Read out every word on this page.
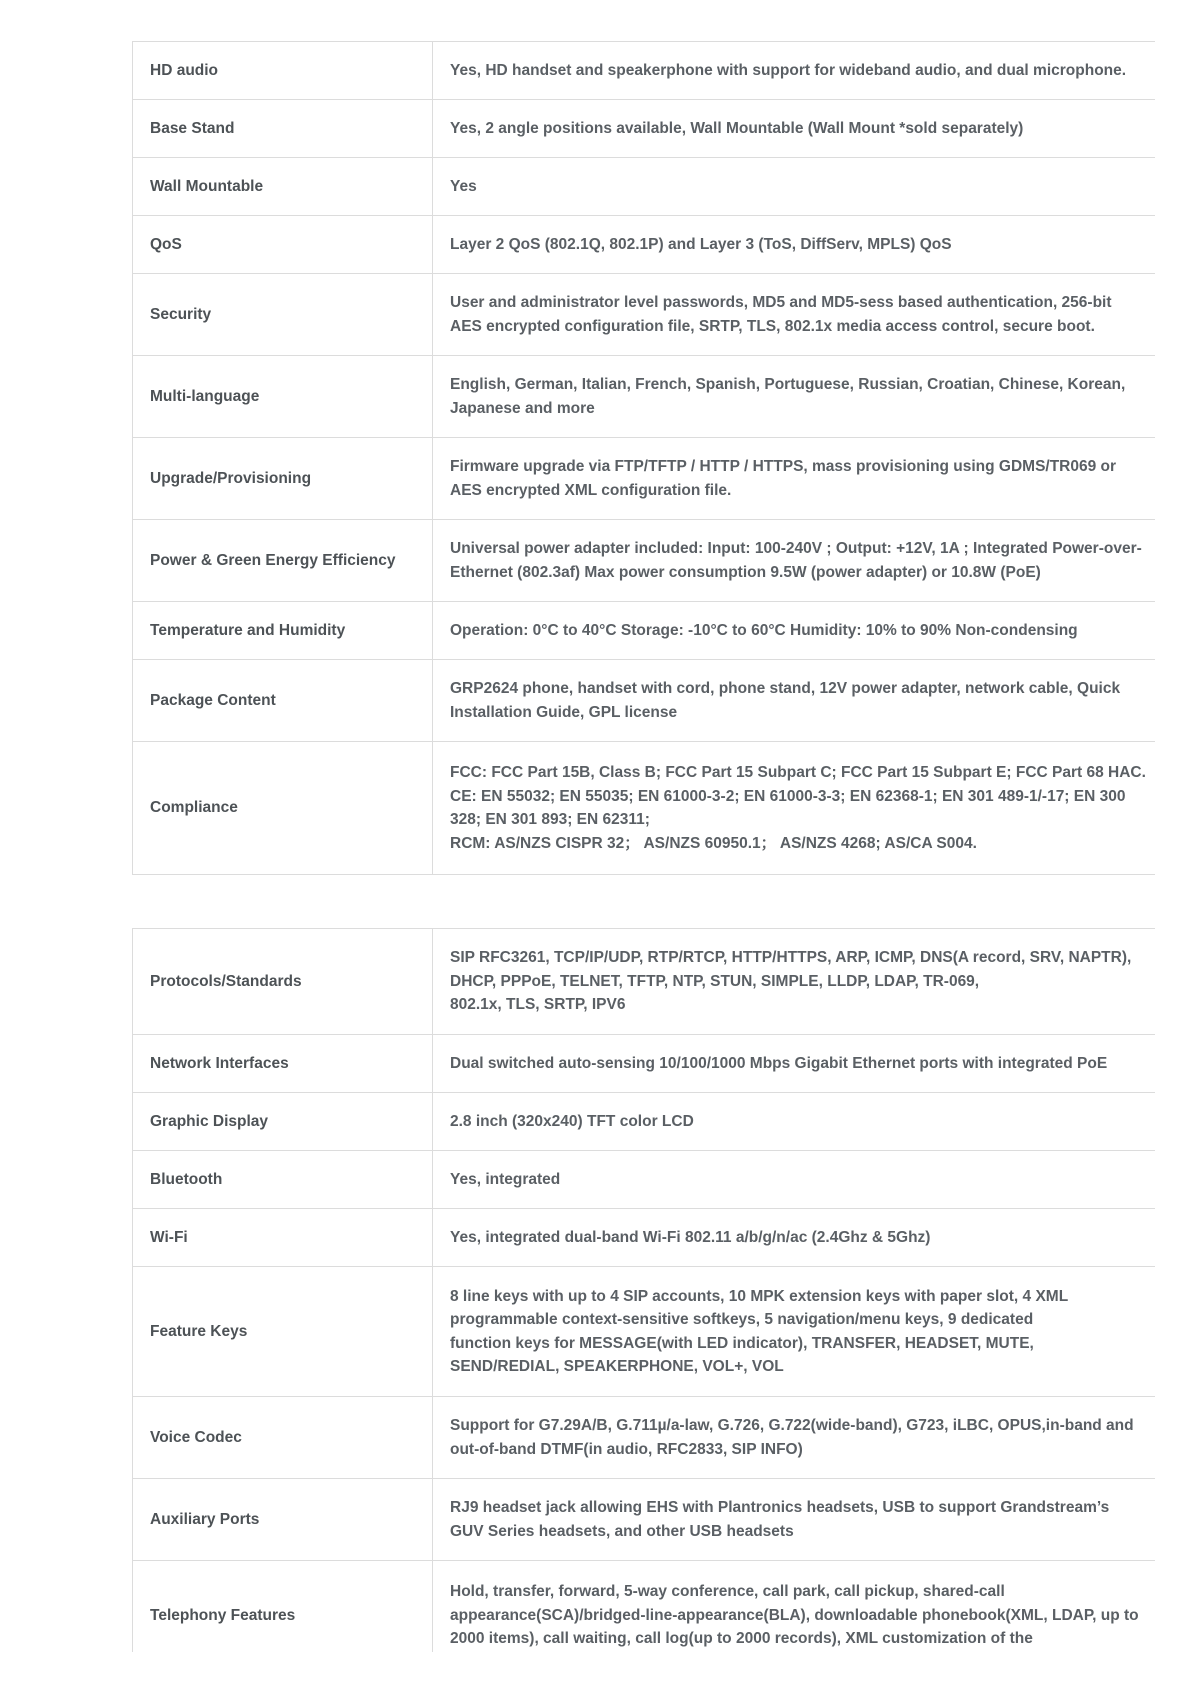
HD audio	Yes, HD handset and speakerphone with support for wideband audio, and dual microphone.

Base Stand	Yes, 2 angle positions available, Wall Mountable (Wall Mount *sold separately)

Wall Mountable	Yes

QoS	Layer 2 QoS (802.1Q, 802.1P) and Layer 3 (ToS, DiffServ, MPLS) QoS

Security	User and administrator level passwords, MD5 and MD5-sess based authentication, 256-bit AES encrypted configuration file, SRTP, TLS, 802.1x media access control, secure boot.

Multi-language	English, German, Italian, French, Spanish, Portuguese, Russian, Croatian, Chinese, Korean, Japanese and more

Upgrade/Provisioning	Firmware upgrade via FTP/TFTP / HTTP / HTTPS, mass provisioning using GDMS/TR069 or AES encrypted XML configuration file.

Power & Green Energy Efficiency	Universal power adapter included: Input: 100-240V ; Output: +12V, 1A ; Integrated Power-over-Ethernet (802.3af) Max power consumption 9.5W (power adapter) or 10.8W (PoE)

Temperature and Humidity	Operation: 0°C to 40°C Storage: -10°C to 60°C Humidity: 10% to 90% Non-condensing

Package Content	GRP2624 phone, handset with cord, phone stand, 12V power adapter, network cable, Quick Installation Guide, GPL license

Compliance	FCC: FCC Part 15B, Class B; FCC Part 15 Subpart C; FCC Part 15 Subpart E; FCC Part 68 HAC.
CE: EN 55032; EN 55035; EN 61000-3-2; EN 61000-3-3; EN 62368-1; EN 301 489-1/-17; EN 300 328; EN 301 893; EN 62311;
RCM: AS/NZS CISPR 32； AS/NZS 60950.1； AS/NZS 4268; AS/CA S004.
Protocols/Standards	SIP RFC3261, TCP/IP/UDP, RTP/RTCP, HTTP/HTTPS, ARP, ICMP, DNS(A record, SRV, NAPTR), DHCP, PPPoE, TELNET, TFTP, NTP, STUN, SIMPLE, LLDP, LDAP, TR-069,
802.1x, TLS, SRTP, IPV6

Network Interfaces	Dual switched auto-sensing 10/100/1000 Mbps Gigabit Ethernet ports with integrated PoE

Graphic Display	2.8 inch (320x240) TFT color LCD

Bluetooth	Yes, integrated

Wi-Fi	Yes, integrated dual-band Wi-Fi 802.11 a/b/g/n/ac (2.4Ghz & 5Ghz)

Feature Keys	8 line keys with up to 4 SIP accounts, 10 MPK extension keys with paper slot, 4 XML programmable context-sensitive softkeys, 5 navigation/menu keys, 9 dedicated
function keys for MESSAGE(with LED indicator), TRANSFER, HEADSET, MUTE, SEND/REDIAL, SPEAKERPHONE, VOL+, VOL

Voice Codec	Support for G7.29A/B, G.711µ/a-law, G.726, G.722(wide-band), G723, iLBC, OPUS,in-band and out-of-band DTMF(in audio, RFC2833, SIP INFO)

Auxiliary Ports	RJ9 headset jack allowing EHS with Plantronics headsets, USB to support Grandstream’s GUV Series headsets, and other USB headsets
Telephony Features	Hold, transfer, forward, 5-way conference, call park, call pickup, shared-call appearance(SCA)/bridged-line-appearance(BLA), downloadable phonebook(XML, LDAP, up to 2000 items), call waiting, call log(up to 2000 records), XML customization of the
